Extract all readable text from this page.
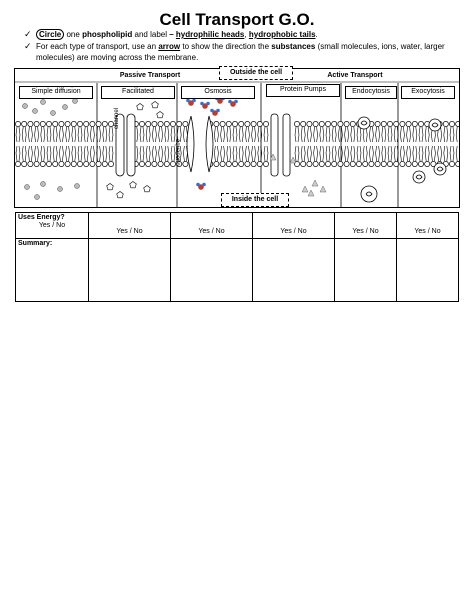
Cell Transport G.O.
✓ Circle one phospholipid and label – hydrophilic heads, hydrophobic tails.
✓ For each type of transport, use an arrow to show the direction the substances (small molecules, ions, water, larger molecules) are moving across the membrane.
Passive Transport	Active Transport
Outside the cell
Inside the cell
Simple diffusion	Facilitated	Osmosis	Protein Pumps	Endocytosis	Exocytosis
channel
aquaporin
Uses Energy?
Yes / No	Yes / No	Yes / No	Yes / No	Yes / No	Yes / No
Summary:					
